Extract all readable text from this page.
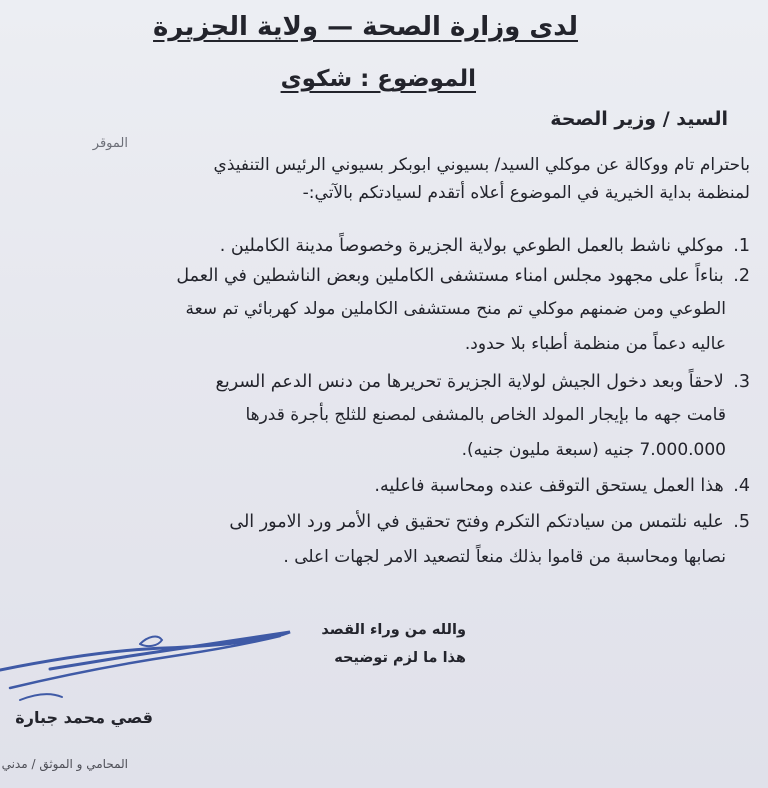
لدى وزارة الصحة — ولاية الجزيرة
الموضوع : شكوى
السيد / وزير الصحة
الموقر
باحترام تام ووكالة عن موكلي السيد/ بسيوني ابوبكر بسيوني الرئيس التنفيذي
لمنظمة بداية الخيرية في الموضوع أعلاه أتقدم لسيادتكم بالآتي:-
1. موكلي ناشط بالعمل الطوعي بولاية الجزيرة وخصوصاً مدينة الكاملين .
2. بناءاً على مجهود مجلس امناء مستشفى الكاملين وبعض الناشطين في العمل
الطوعي ومن ضمنهم موكلي تم منح مستشفى الكاملين مولد كهربائي تم سعة
عاليه دعماً من منظمة أطباء بلا حدود.
3. لاحقاً وبعد دخول الجيش لولاية الجزيرة تحريرها من دنس الدعم السريع
قامت جهه ما بإيجار المولد الخاص بالمشفى لمصنع للثلج بأجرة قدرها
7.000.000 جنيه (سبعة مليون جنيه).
4. هذا العمل يستحق التوقف عنده ومحاسبة فاعليه.
5. عليه نلتمس من سيادتكم التكرم وفتح تحقيق في الأمر ورد الامور الى
نصابها ومحاسبة من قاموا بذلك منعاً لتصعيد الامر لجهات اعلى .
والله من وراء القصد
هذا ما لزم توضيحه
قصي محمد جبارة
المحامي و الموثق / مدني
